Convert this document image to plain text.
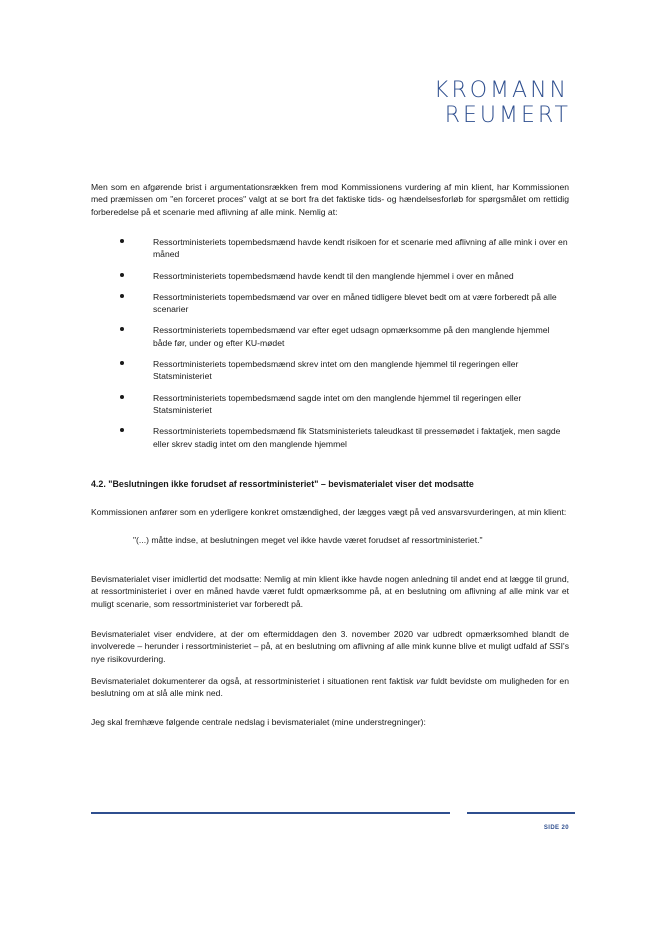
KROMANN
REUMERT

Men som en afgørende brist i argumentationsrækken frem mod Kommissionens vurdering af min klient, har Kommissionen med præmissen om "en forceret proces" valgt at se bort fra det faktiske tids- og hændelsesforløb for spørgsmålet om rettidig forberedelse på et scenarie med aflivning af alle mink. Nemlig at:

Ressortministeriets topembedsmænd havde kendt risikoen for et scenarie med aflivning af alle mink i over en måned
Ressortministeriets topembedsmænd havde kendt til den manglende hjemmel i over en måned
Ressortministeriets topembedsmænd var over en måned tidligere blevet bedt om at være forberedt på alle scenarier
Ressortministeriets topembedsmænd var efter eget udsagn opmærksomme på den manglende hjemmel både før, under og efter KU-mødet
Ressortministeriets topembedsmænd skrev intet om den manglende hjemmel til regeringen eller Statsministeriet
Ressortministeriets topembedsmænd sagde intet om den manglende hjemmel til regeringen eller Statsministeriet
Ressortministeriets topembedsmænd fik Statsministeriets taleudkast til pressemødet i faktatjek, men sagde eller skrev stadig intet om den manglende hjemmel
4.2. "Beslutningen ikke forudset af ressortministeriet" – bevismaterialet viser det modsatte

Kommissionen anfører som en yderligere konkret omstændighed, der lægges vægt på ved ansvarsvurderingen, at min klient:

"(...) måtte indse, at beslutningen meget vel ikke havde været forudset af ressortministeriet."

Bevismaterialet viser imidlertid det modsatte: Nemlig at min klient ikke havde nogen anledning til andet end at lægge til grund, at ressortministeriet i over en måned havde været fuldt opmærksomme på, at en beslutning om aflivning af alle mink var et muligt scenarie, som ressortministeriet var forberedt på.

Bevismaterialet viser endvidere, at der om eftermiddagen den 3. november 2020 var udbredt opmærksomhed blandt de involverede – herunder i ressortministeriet – på, at en beslutning om aflivning af alle mink kunne blive et muligt udfald af SSI's nye risikovurdering.

Bevismaterialet dokumenterer da også, at ressortministeriet i situationen rent faktisk var fuldt bevidste om muligheden for en beslutning om at slå alle mink ned.

Jeg skal fremhæve følgende centrale nedslag i bevismaterialet (mine understregninger):

SIDE 20
